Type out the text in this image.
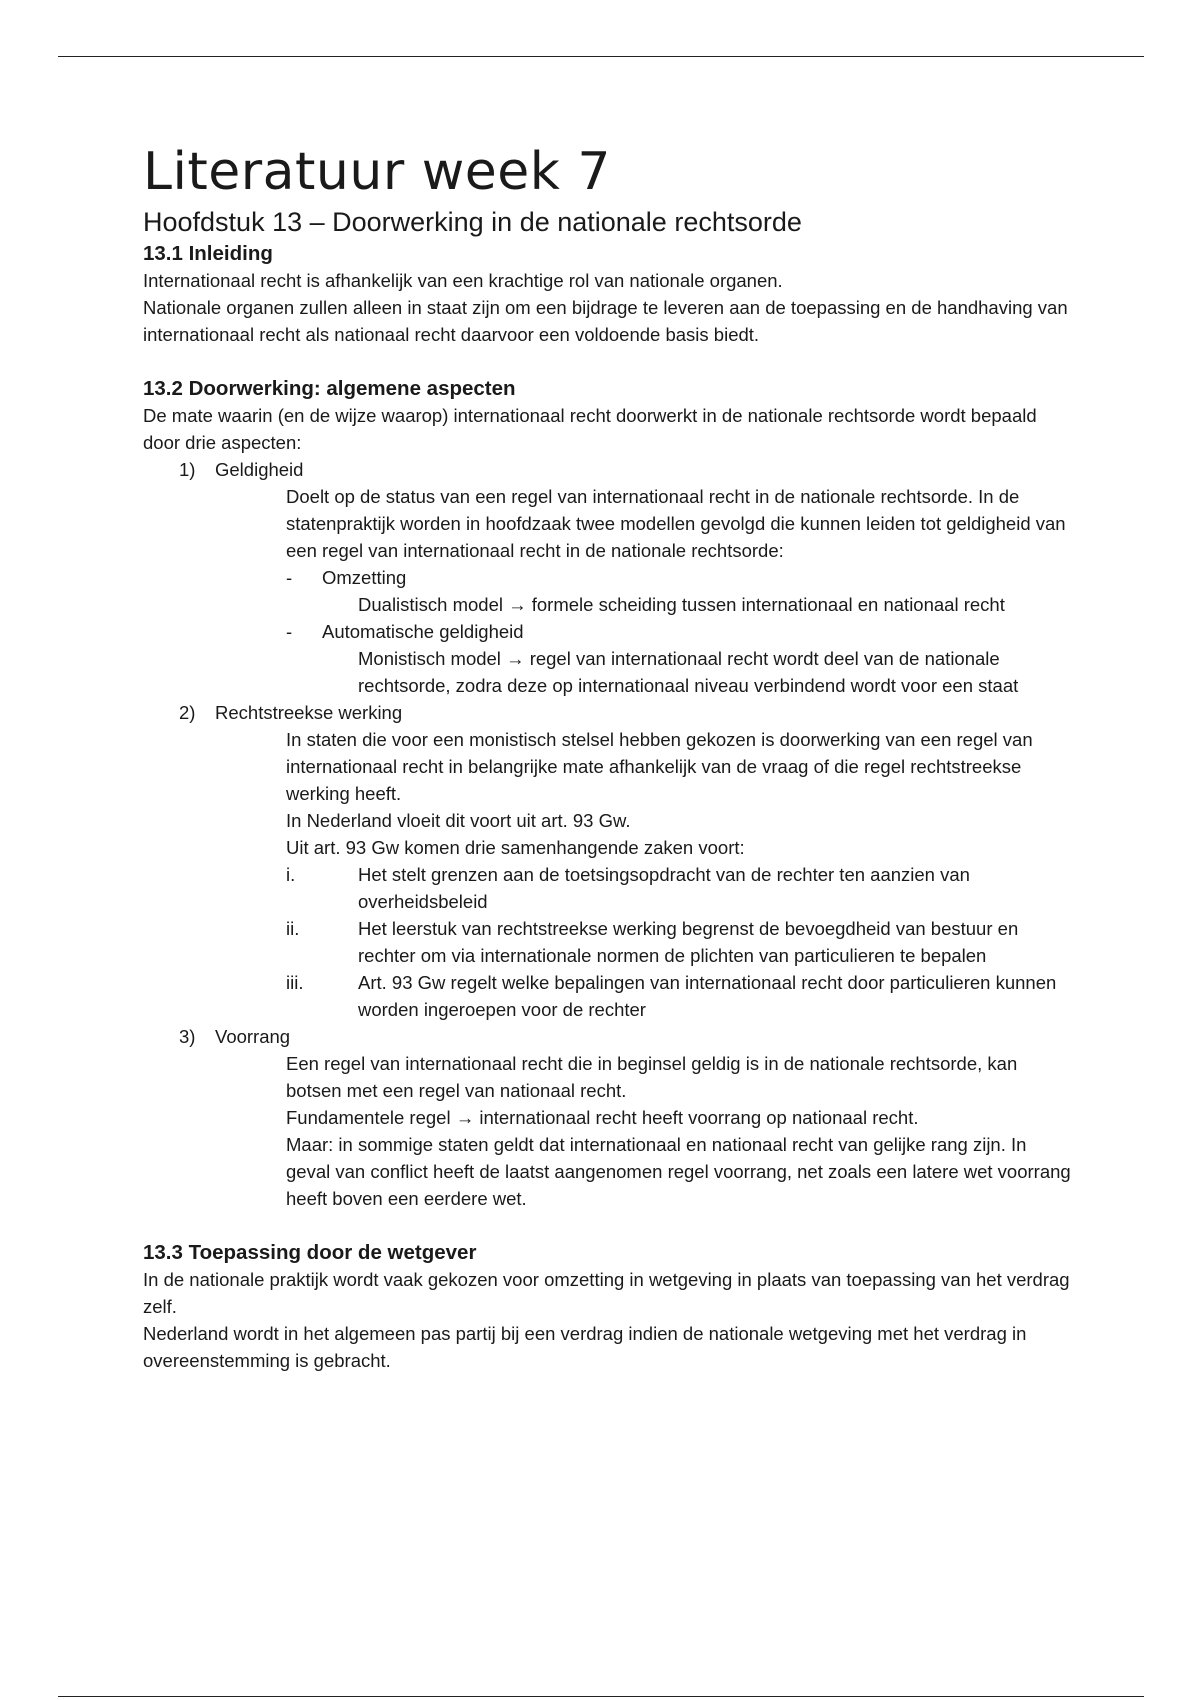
Literatuur week 7
Hoofdstuk 13 – Doorwerking in de nationale rechtsorde
13.1 Inleiding

Internationaal recht is afhankelijk van een krachtige rol van nationale organen.

Nationale organen zullen alleen in staat zijn om een bijdrage te leveren aan de toepassing en de handhaving van internationaal recht als nationaal recht daarvoor een voldoende basis biedt.

13.2 Doorwerking: algemene aspecten

De mate waarin (en de wijze waarop) internationaal recht doorwerkt in de nationale rechtsorde wordt bepaald door drie aspecten:

1) Geldigheid

Doelt op de status van een regel van internationaal recht in de nationale rechtsorde. In de statenpraktijk worden in hoofdzaak twee modellen gevolgd die kunnen leiden tot geldigheid van een regel van internationaal recht in de nationale rechtsorde:

- Omzetting

Dualistisch model → formele scheiding tussen internationaal en nationaal recht

- Automatische geldigheid

Monistisch model → regel van internationaal recht wordt deel van de nationale rechtsorde, zodra deze op internationaal niveau verbindend wordt voor een staat

2) Rechtstreekse werking

In staten die voor een monistisch stelsel hebben gekozen is doorwerking van een regel van internationaal recht in belangrijke mate afhankelijk van de vraag of die regel rechtstreekse werking heeft.

In Nederland vloeit dit voort uit art. 93 Gw.

Uit art. 93 Gw komen drie samenhangende zaken voort:

i.	Het stelt grenzen aan de toetsingsopdracht van de rechter ten aanzien van overheidsbeleid
ii.	Het leerstuk van rechtstreekse werking begrenst de bevoegdheid van bestuur en rechter om via internationale normen de plichten van particulieren te bepalen
iii.	Art. 93 Gw regelt welke bepalingen van internationaal recht door particulieren kunnen worden ingeroepen voor de rechter
3) Voorrang

Een regel van internationaal recht die in beginsel geldig is in de nationale rechtsorde, kan botsen met een regel van nationaal recht.

Fundamentele regel → internationaal recht heeft voorrang op nationaal recht.

Maar: in sommige staten geldt dat internationaal en nationaal recht van gelijke rang zijn. In geval van conflict heeft de laatst aangenomen regel voorrang, net zoals een latere wet voorrang heeft boven een eerdere wet.

13.3 Toepassing door de wetgever

In de nationale praktijk wordt vaak gekozen voor omzetting in wetgeving in plaats van toepassing van het verdrag zelf.

Nederland wordt in het algemeen pas partij bij een verdrag indien de nationale wetgeving met het verdrag in overeenstemming is gebracht.
